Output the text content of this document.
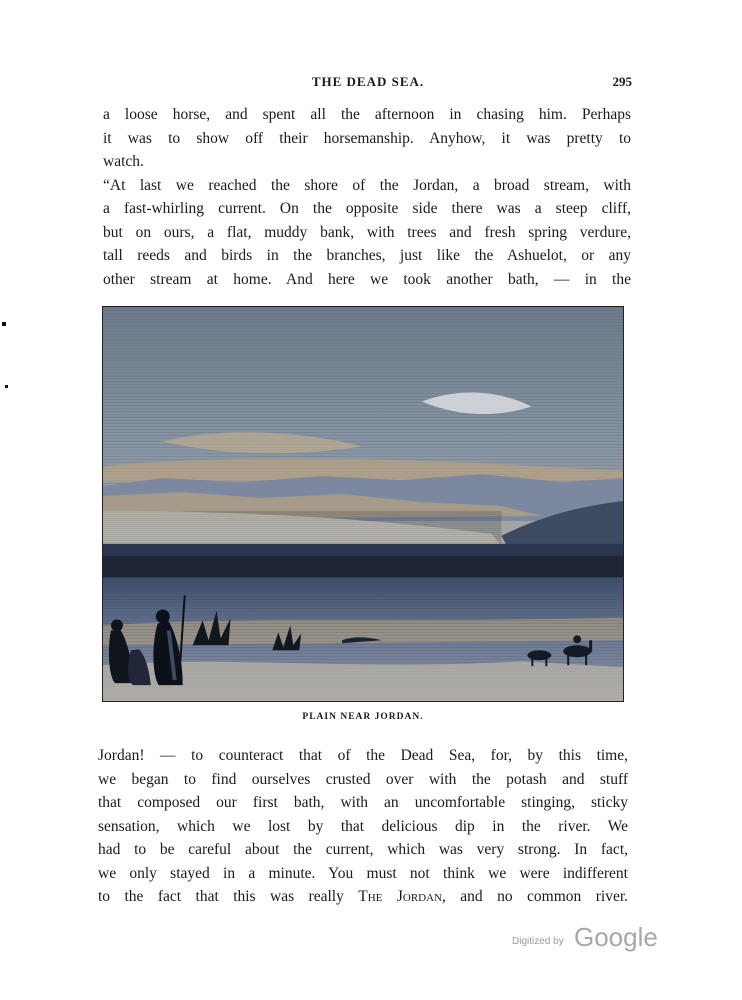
THE DEAD SEA.	295
a loose horse, and spent all the afternoon in chasing him. Perhaps
it was to show off their horsemanship. Anyhow, it was pretty to
watch.
“At last we reached the shore of the Jordan, a broad stream, with
a fast-whirling current. On the opposite side there was a steep cliff,
but on ours, a flat, muddy bank, with trees and fresh spring verdure,
tall reeds and birds in the branches, just like the Ashuelot, or any
other stream at home. And here we took another bath, — in the
PLAIN NEAR JORDAN.
Jordan! — to counteract that of the Dead Sea, for, by this time,
we began to find ourselves crusted over with the potash and stuff
that composed our first bath, with an uncomfortable stinging, sticky
sensation, which we lost by that delicious dip in the river. We
had to be careful about the current, which was very strong. In fact,
we only stayed in a minute. You must not think we were indifferent
to the fact that this was really The Jordan, and no common river.
Digitized by Google
